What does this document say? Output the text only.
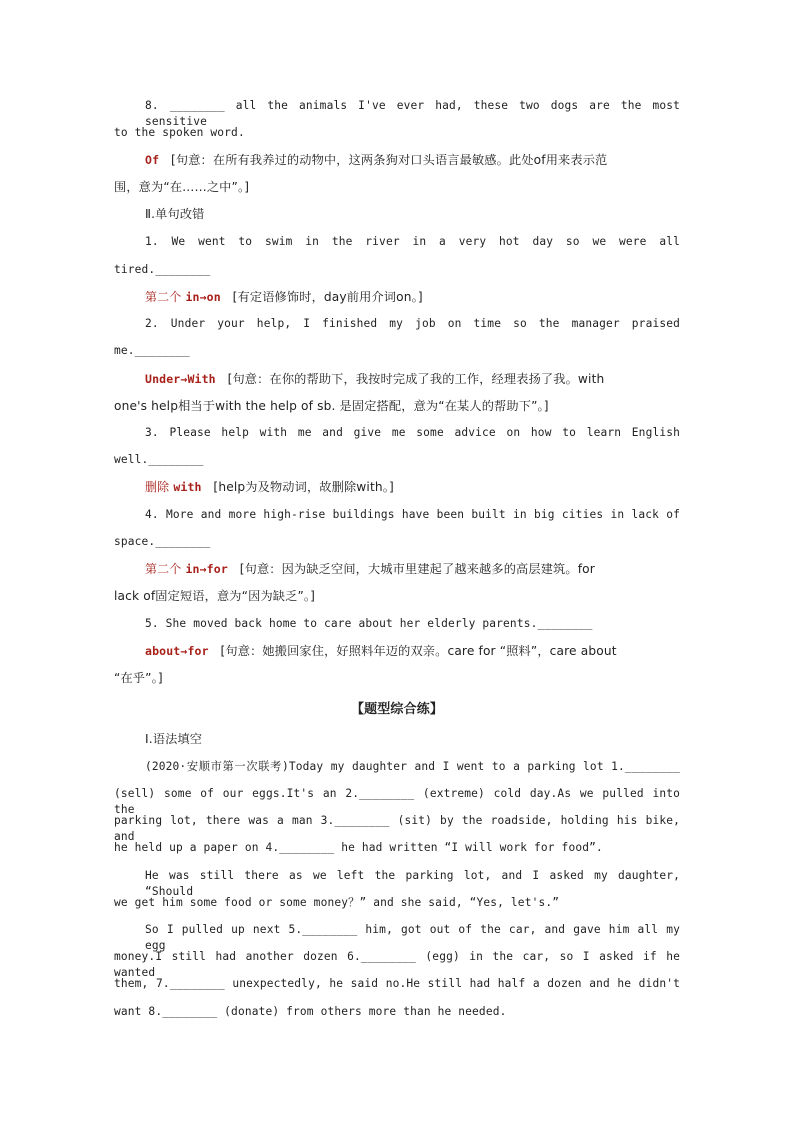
8. ________ all the animals I've ever had, these two dogs are the most sensitive
to the spoken word.
Of [句意：在所有我养过的动物中，这两条狗对口头语言最敏感。此处of用来表示范
围，意为“在……之中”。]
Ⅱ.单句改错
1. We went to swim in the river in a very hot day so we were all
tired.________
第二个 in→on [有定语修饰时，day前用介词on。]
2. Under your help, I finished my job on time so the manager praised
me.________
Under→With [句意：在你的帮助下，我按时完成了我的工作，经理表扬了我。with
one's help相当于with the help of sb. 是固定搭配，意为“在某人的帮助下”。]
3. Please help with me and give me some advice on how to learn English
well.________
删除 with [help为及物动词，故删除with。]
4. More and more high-rise buildings have been built in big cities in lack of
space.________
第二个 in→for [句意：因为缺乏空间，大城市里建起了越来越多的高层建筑。for
lack of固定短语，意为“因为缺乏”。]
5. She moved back home to care about her elderly parents.________
about→for [句意：她搬回家住，好照料年迈的双亲。care for “照料”，care about
“在乎”。]
【题型综合练】
Ⅰ.语法填空
(2020·安顺市第一次联考)Today my daughter and I went to a parking lot 1.________
(sell) some of our eggs.It's an 2.________ (extreme) cold day.As we pulled into the
parking lot, there was a man 3.________ (sit) by the roadside, holding his bike, and
he held up a paper on 4.________ he had written “I will work for food”.
He was still there as we left the parking lot, and I asked my daughter, “Should
we get him some food or some money？” and she said, “Yes, let's.”
So I pulled up next 5.________ him, got out of the car, and gave him all my egg
money.I still had another dozen 6.________ (egg) in the car, so I asked if he wanted
them, 7.________ unexpectedly, he said no.He still had half a dozen and he didn't
want 8.________ (donate) from others more than he needed.
